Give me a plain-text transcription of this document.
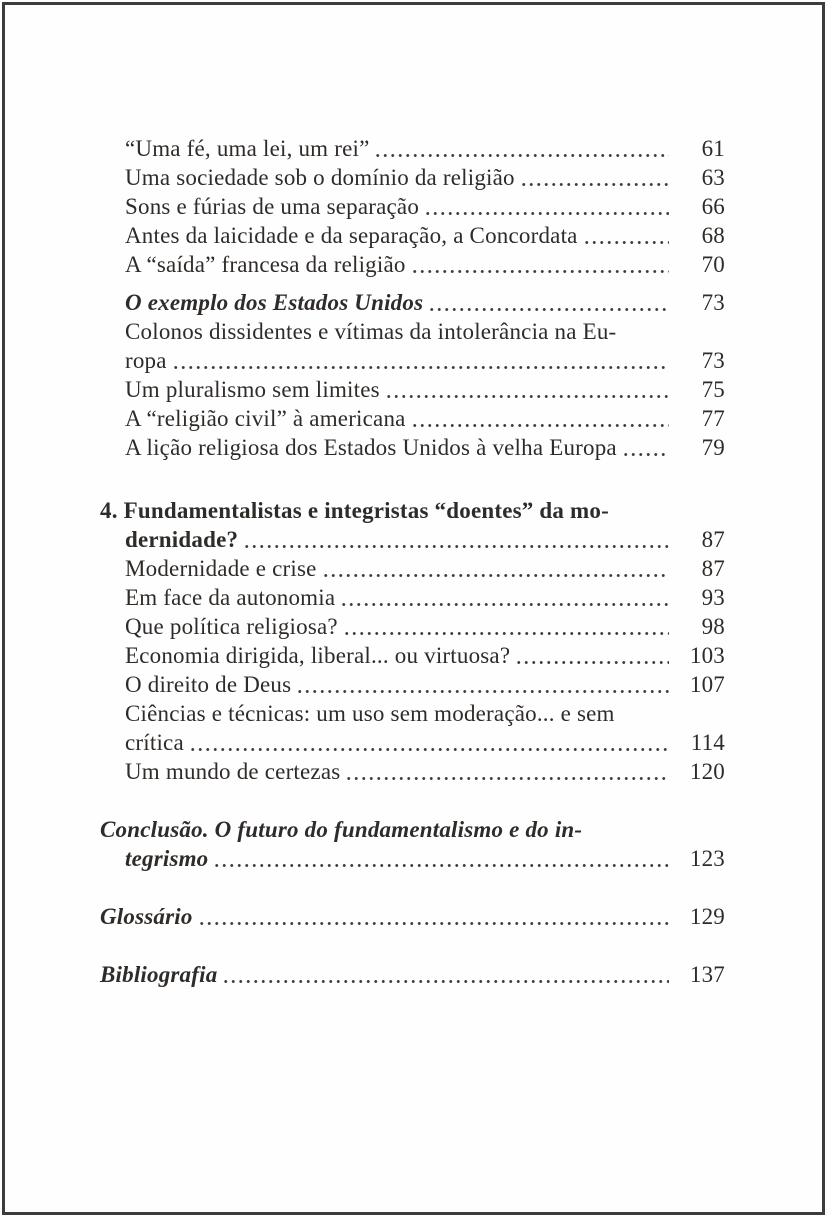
“Uma fé, uma lei, um rei”	61
Uma sociedade sob o domínio da religião	63
Sons e fúrias de uma separação	66
Antes da laicidade e da separação, a Concordata	68
A “saída” francesa da religião	70
O exemplo dos Estados Unidos	73
Colonos dissidentes e vítimas da intolerância na Eu-
ropa	73
Um pluralismo sem limites	75
A “religião civil” à americana	77
A lição religiosa dos Estados Unidos à velha Europa	79
4. Fundamentalistas e integristas “doentes” da mo-
dernidade?	87
Modernidade e crise	87
Em face da autonomia	93
Que política religiosa?	98
Economia dirigida, liberal... ou virtuosa?	103
O direito de Deus	107
Ciências e técnicas: um uso sem moderação... e sem
crítica	114
Um mundo de certezas	120
Conclusão. O futuro do fundamentalismo e do in-
tegrismo	123
Glossário	129
Bibliografia	137
